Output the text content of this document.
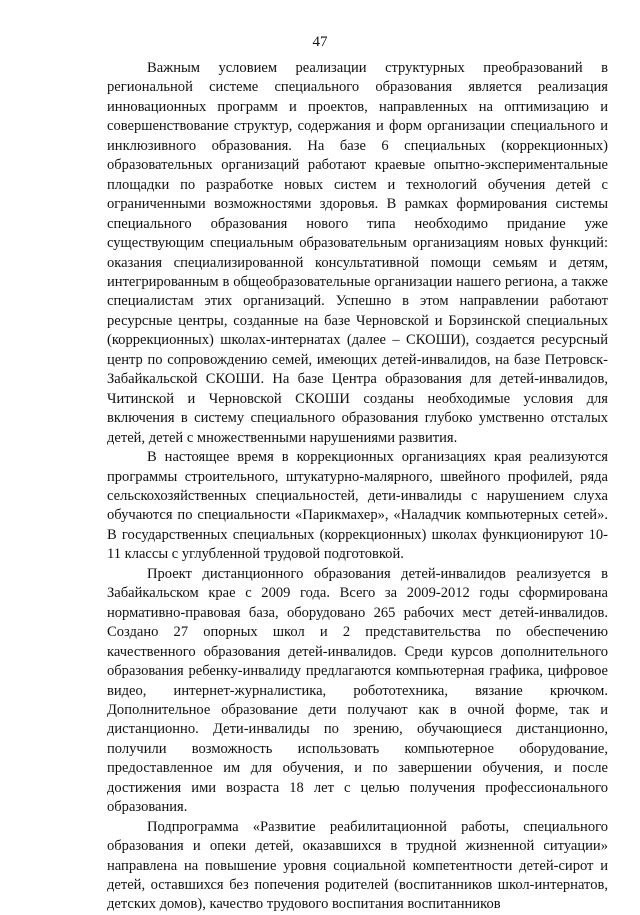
47

Важным условием реализации структурных преобразований в региональной системе специального образования является реализация инновационных программ и проектов, направленных на оптимизацию и совершенствование структур, содержания и форм организации специального и инклюзивного образования. На базе 6 специальных (коррекционных) образовательных организаций работают краевые опытно-экспериментальные площадки по разработке новых систем и технологий обучения детей с ограниченными возможностями здоровья. В рамках формирования системы специального образования нового типа необходимо придание уже существующим специальным образовательным организациям новых функций: оказания специализированной консультативной помощи семьям и детям, интегрированным в общеобразовательные организации нашего региона, а также специалистам этих организаций. Успешно в этом направлении работают ресурсные центры, созданные на базе Черновской и Борзинской специальных (коррекционных) школах-интернатах (далее – СКОШИ), создается ресурсный центр по сопровождению семей, имеющих детей-инвалидов, на базе Петровск-Забайкальской СКОШИ. На базе Центра образования для детей-инвалидов, Читинской и Черновской СКОШИ созданы необходимые условия для включения в систему специального образования глубоко умственно отсталых детей, детей с множественными нарушениями развития.

В настоящее время в коррекционных организациях края реализуются программы строительного, штукатурно-малярного, швейного профилей, ряда сельскохозяйственных специальностей, дети-инвалиды с нарушением слуха обучаются по специальности «Парикмахер», «Наладчик компьютерных сетей». В государственных специальных (коррекционных) школах функционируют 10-11 классы с углубленной трудовой подготовкой.

Проект дистанционного образования детей-инвалидов реализуется в Забайкальском крае с 2009 года. Всего за 2009-2012 годы сформирована нормативно-правовая база, оборудовано 265 рабочих мест детей-инвалидов. Создано 27 опорных школ и 2 представительства по обеспечению качественного образования детей-инвалидов. Среди курсов дополнительного образования ребенку-инвалиду предлагаются компьютерная графика, цифровое видео, интернет-журналистика, робототехника, вязание крючком. Дополнительное образование дети получают как в очной форме, так и дистанционно. Дети-инвалиды по зрению, обучающиеся дистанционно, получили возможность использовать компьютерное оборудование, предоставленное им для обучения, и по завершении обучения, и после достижения ими возраста 18 лет с целью получения профессионального образования.

Подпрограмма «Развитие реабилитационной работы, специального образования и опеки детей, оказавшихся в трудной жизненной ситуации» направлена на повышение уровня социальной компетентности детей-сирот и детей, оставшихся без попечения родителей (воспитанников школ-интернатов, детских домов), качество трудового воспитания воспитанников
